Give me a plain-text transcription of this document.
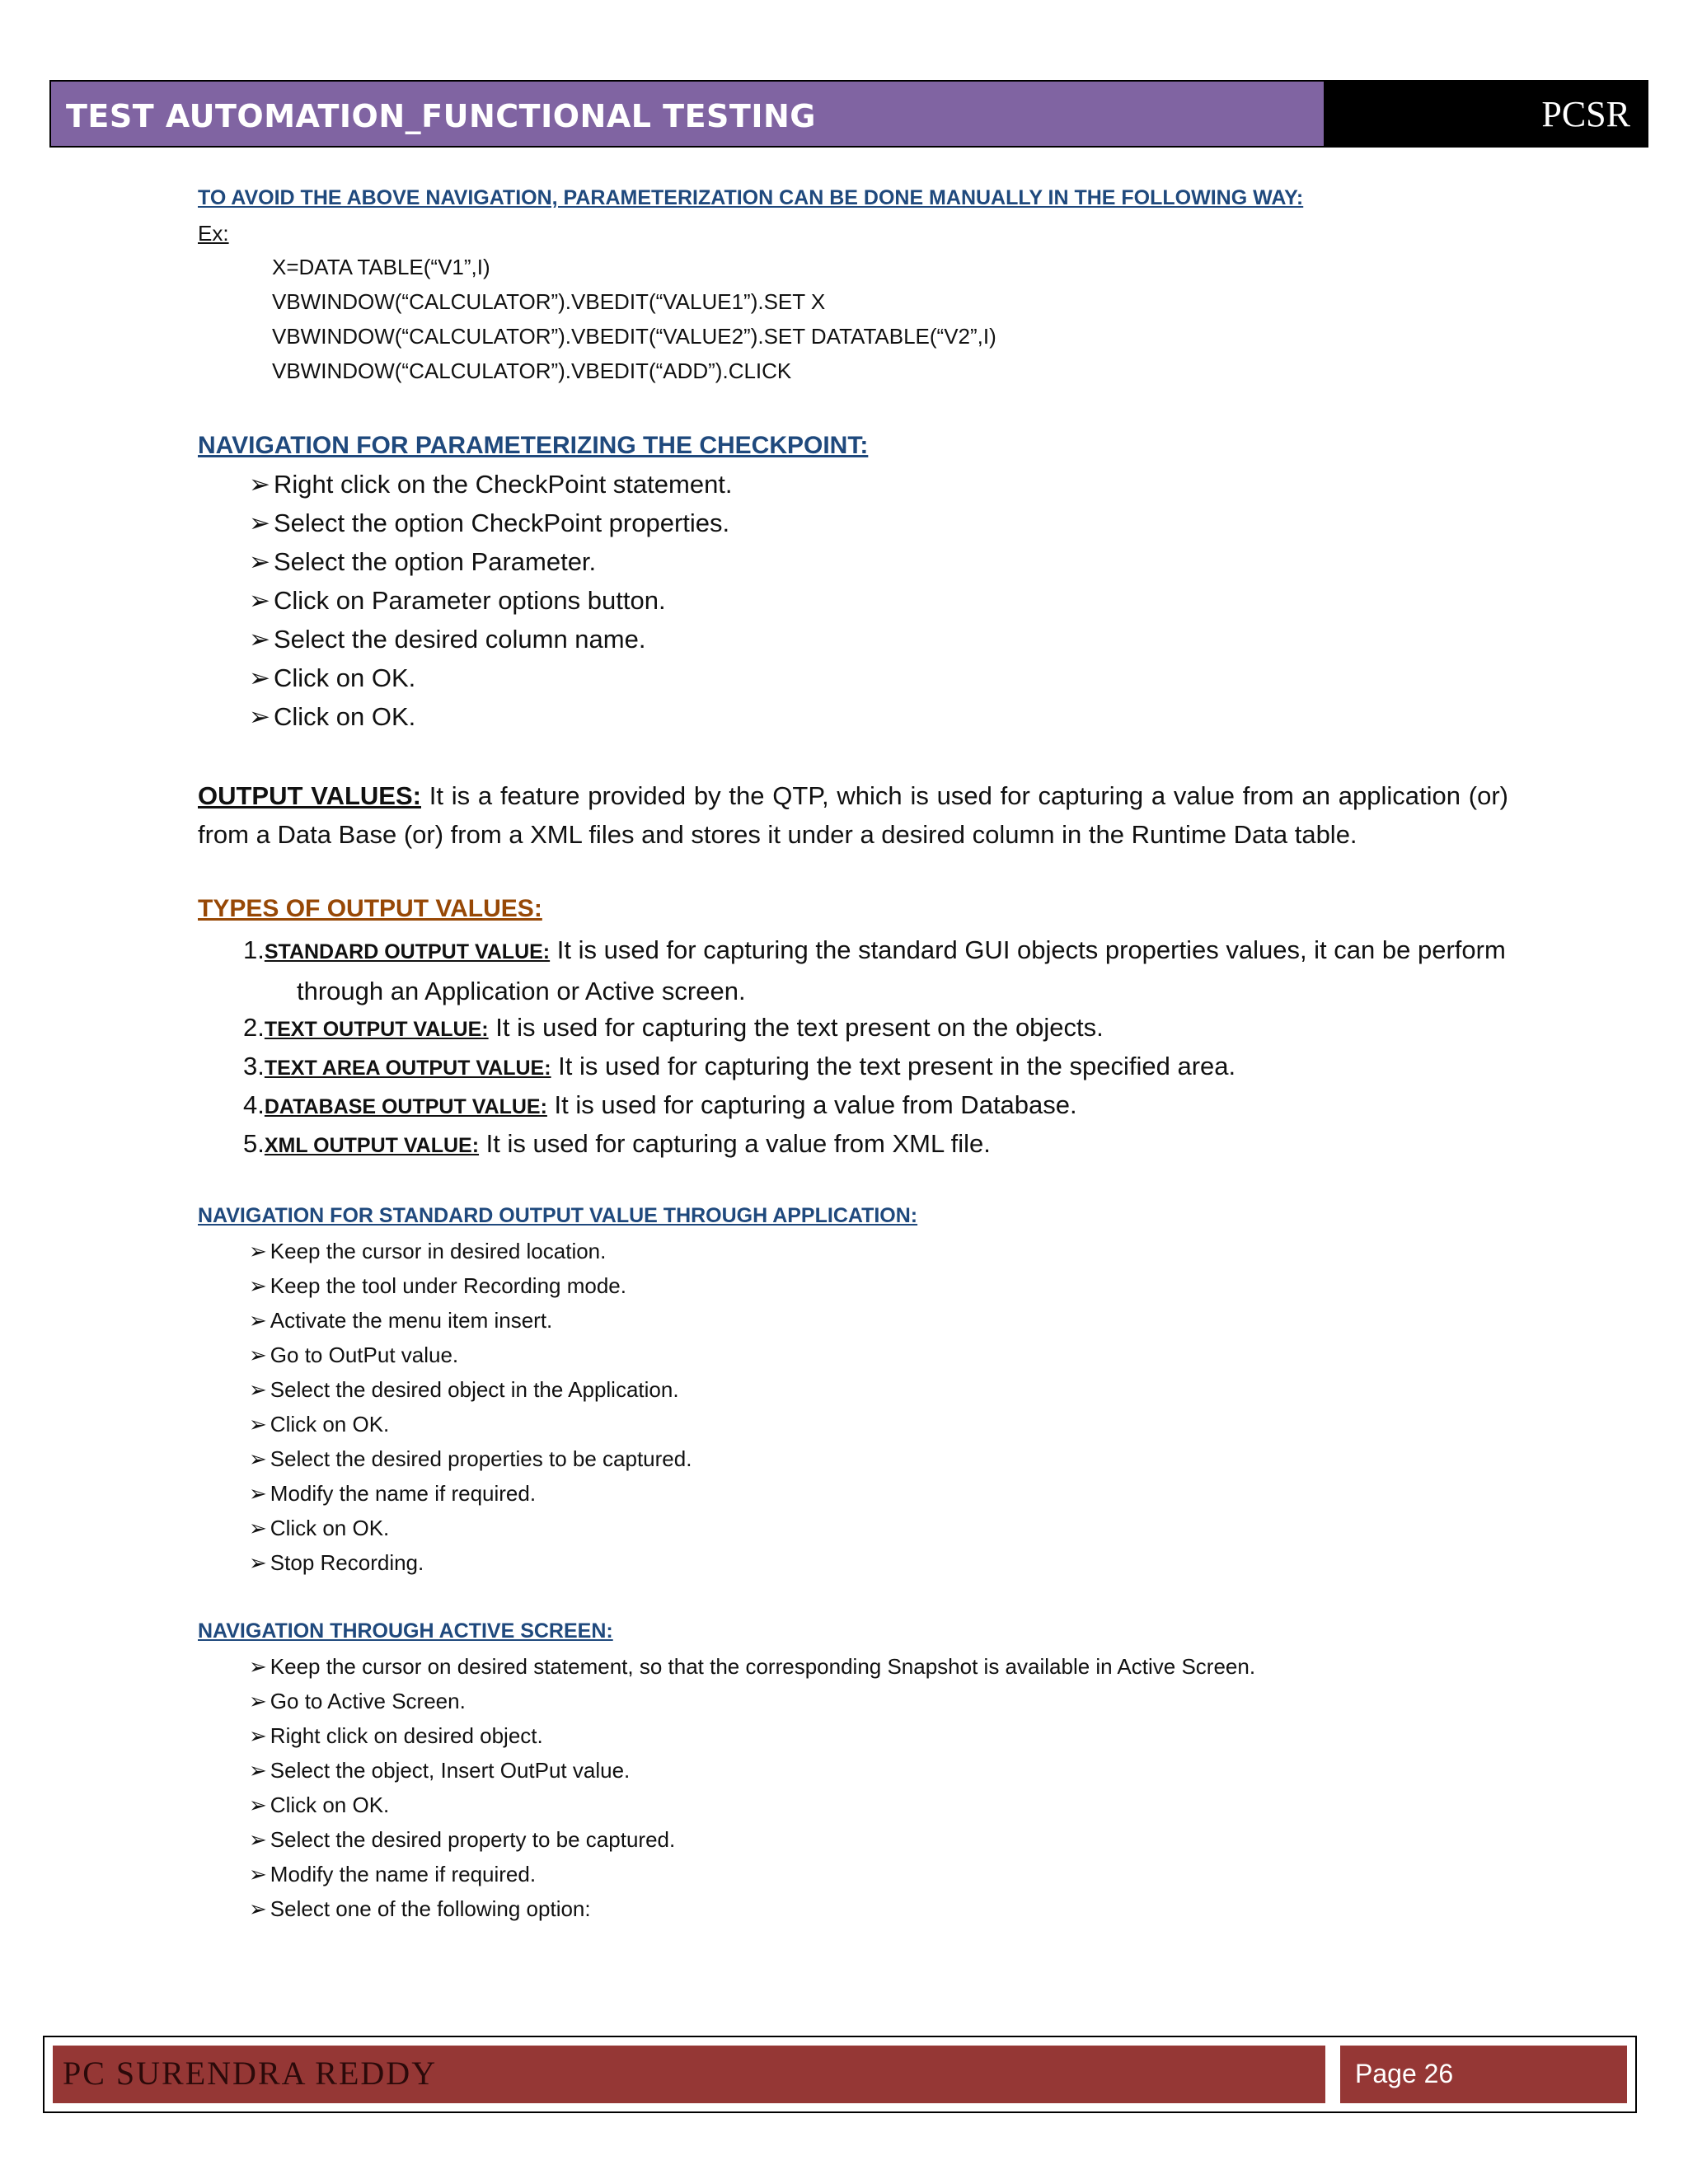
TEST AUTOMATION_FUNCTIONAL TESTING	PCSR
TO AVOID THE ABOVE NAVIGATION, PARAMETERIZATION CAN BE DONE MANUALLY IN THE FOLLOWING WAY:
Ex:
X=DATA TABLE(“V1”,I)
VBWINDOW(“CALCULATOR”).VBEDIT(“VALUE1”).SET X
VBWINDOW(“CALCULATOR”).VBEDIT(“VALUE2”).SET DATATABLE(“V2”,I)
VBWINDOW(“CALCULATOR”).VBEDIT(“ADD”).CLICK
NAVIGATION FOR PARAMETERIZING THE CHECKPOINT:
➢ Right click on the CheckPoint statement.
➢ Select the option CheckPoint properties.
➢ Select the option Parameter.
➢ Click on Parameter options button.
➢ Select the desired column name.
➢ Click on OK.
➢ Click on OK.
OUTPUT VALUES: It is a feature provided by the QTP, which is used for capturing a value from an application (or) from a Data Base (or) from a XML files and stores it under a desired column in the Runtime Data table.
TYPES OF OUTPUT VALUES:
1.STANDARD OUTPUT VALUE: It is used for capturing the standard GUI objects properties values, it can be perform
through an Application or Active screen.
2.TEXT OUTPUT VALUE: It is used for capturing the text present on the objects.
3.TEXT AREA OUTPUT VALUE: It is used for capturing the text present in the specified area.
4.DATABASE OUTPUT VALUE: It is used for capturing a value from Database.
5.XML OUTPUT VALUE: It is used for capturing a value from XML file.
NAVIGATION FOR STANDARD OUTPUT VALUE THROUGH APPLICATION:
➢ Keep the cursor in desired location.
➢ Keep the tool under Recording mode.
➢ Activate the menu item insert.
➢ Go to OutPut value.
➢ Select the desired object in the Application.
➢ Click on OK.
➢ Select the desired properties to be captured.
➢ Modify the name if required.
➢ Click on OK.
➢ Stop Recording.
NAVIGATION THROUGH ACTIVE SCREEN:
➢ Keep the cursor on desired statement, so that the corresponding Snapshot is available in Active Screen.
➢ Go to Active Screen.
➢ Right click on desired object.
➢ Select the object, Insert OutPut value.
➢ Click on OK.
➢ Select the desired property to be captured.
➢ Modify the name if required.
➢ Select one of the following option:
PC SURENDRA REDDY	Page 26
